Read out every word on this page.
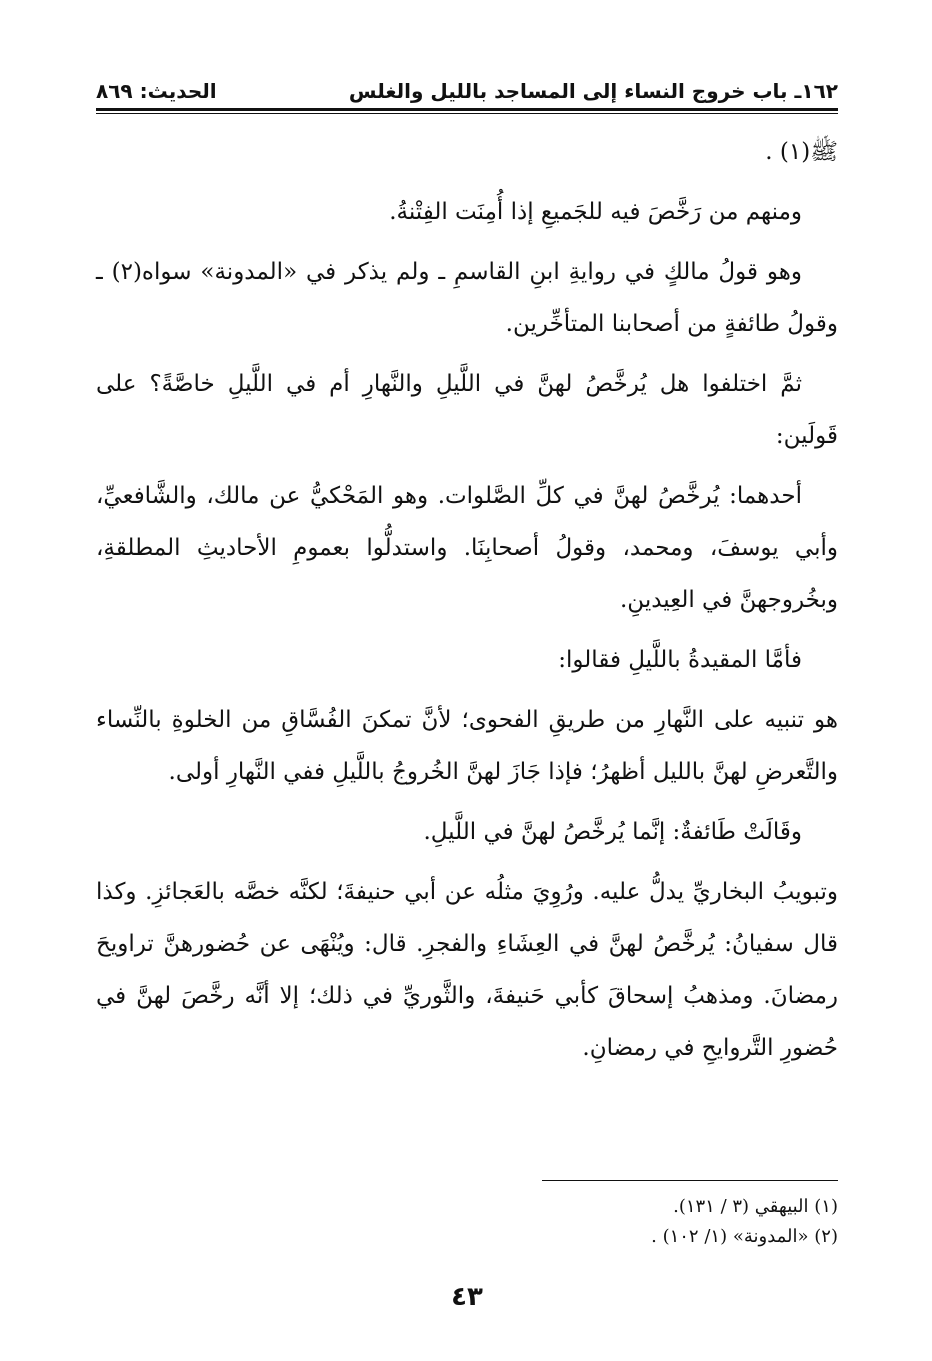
١٦٢ـ باب خروج النساء إلى المساجد بالليل والغلس
الحديث: ٨٦٩

ﷺ(١) .

ومنهم من رَخَّصَ فيه للجَميعِ إذا أُمِنَت الفِتْنةُ.

وهو قولُ مالكٍ في روايةِ ابنِ القاسمِ ـ ولم يذكر في «المدونة» سواه(٢) ـ وقولُ طائفةٍ من أصحابنا المتأخِّرين.

ثمَّ اختلفوا هل يُرخَّصُ لهنَّ في اللَّيلِ والنَّهارِ أم في اللَّيلِ خاصَّةً؟ على قَولَين:

أحدهما: يُرخَّصُ لهنَّ في كلِّ الصَّلوات. وهو المَحْكيُّ عن مالك، والشَّافعيِّ، وأبي يوسفَ، ومحمد، وقولُ أصحابِنَا. واستدلُّوا بعمومِ الأحاديثِ المطلقةِ، وبخُروجهنَّ في العِيدينِ.

فأمَّا المقيدةُ باللَّيلِ فقالوا:

هو تنبيه على النَّهارِ من طريقِ الفحوى؛ لأنَّ تمكنَ الفُسَّاقِ من الخلوةِ بالنِّساء والتَّعرضِ لهنَّ بالليل أظهرُ؛ فإذا جَازَ لهنَّ الخُروجُ باللَّيلِ ففي النَّهارِ أولى.

وقَالَتْ طَائفةٌ: إنَّما يُرخَّصُ لهنَّ في اللَّيلِ.

وتبويبُ البخاريِّ يدلُّ عليه. ورُوِيَ مثلُه عن أبي حنيفةَ؛ لكنَّه خصَّه بالعَجائزِ. وكذا قال سفيانُ: يُرخَّصُ لهنَّ في العِشَاءِ والفجرِ. قال: ويُنْهَى عن حُضورهنَّ تراويحَ رمضانَ. ومذهبُ إسحاقَ كأبي حَنيفةَ، والثَّوريِّ في ذلك؛ إلا أنَّه رخَّصَ لهنَّ في حُضورِ التَّروايحِ في رمضانِ.

(١) البيهقي (٣ / ١٣١).
(٢) «المدونة» (١/ ١٠٢) .
٤٣
